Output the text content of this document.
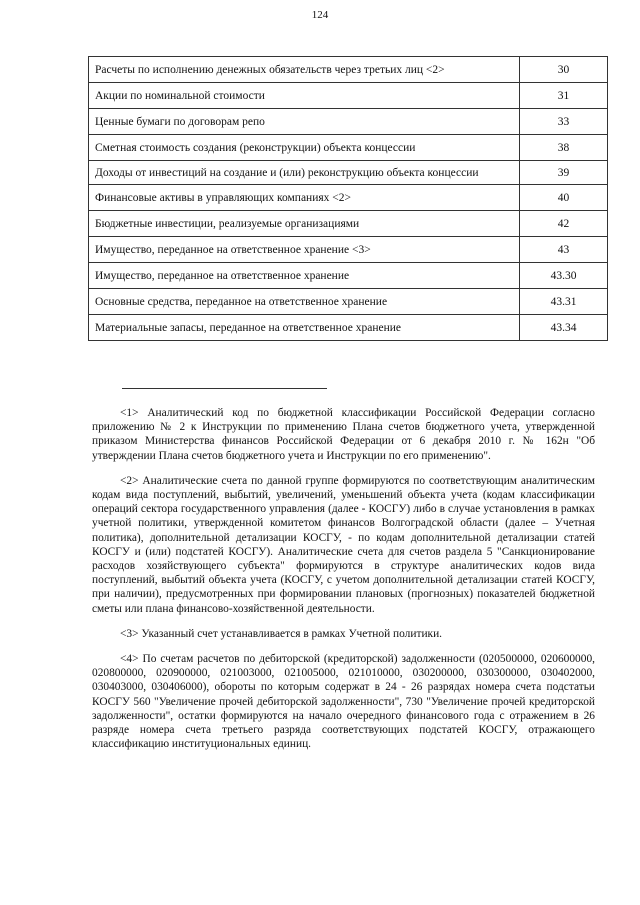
124
Расчеты по исполнению денежных обязательств через третьих лиц <2>	30
Акции по номинальной стоимости	31
Ценные бумаги по договорам репо	33
Сметная стоимость создания (реконструкции) объекта концессии	38
Доходы от инвестиций на создание и (или) реконструкцию объекта концессии	39
Финансовые активы в управляющих компаниях <2>	40
Бюджетные инвестиции, реализуемые организациями	42
Имущество, переданное на ответственное хранение <3>	43
Имущество, переданное на ответственное хранение	43.30
Основные средства, переданное на ответственное хранение	43.31
Материальные запасы, переданное на ответственное хранение	43.34

<1> Аналитический код по бюджетной классификации Российской Федерации согласно приложению № 2 к Инструкции по применению Плана счетов бюджетного учета, утвержденной приказом Министерства финансов Российской Федерации от 6 декабря 2010 г. № 162н "Об утверждении Плана счетов бюджетного учета и Инструкции по его применению".

<2> Аналитические счета по данной группе формируются по соответствующим аналитическим кодам вида поступлений, выбытий, увеличений, уменьшений объекта учета (кодам классификации операций сектора государственного управления (далее - КОСГУ) либо в случае установления в рамках учетной политики, утвержденной комитетом финансов Волгоградской области (далее – Учетная политика), дополнительной детализации КОСГУ, - по кодам дополнительной детализации статей КОСГУ и (или) подстатей КОСГУ). Аналитические счета для счетов раздела 5 "Санкционирование расходов хозяйствующего субъекта" формируются в структуре аналитических кодов вида поступлений, выбытий объекта учета (КОСГУ, с учетом дополнительной детализации статей КОСГУ, при наличии), предусмотренных при формировании плановых (прогнозных) показателей бюджетной сметы или плана финансово-хозяйственной деятельности.

<3> Указанный счет устанавливается в рамках Учетной политики.

<4> По счетам расчетов по дебиторской (кредиторской) задолженности (020500000, 020600000, 020800000, 020900000, 021003000, 021005000, 021010000, 030200000, 030300000, 030402000, 030403000, 030406000), обороты по которым содержат в 24 - 26 разрядах номера счета подстатьи КОСГУ 560 "Увеличение прочей дебиторской задолженности", 730 "Увеличение прочей кредиторской задолженности", остатки формируются на начало очередного финансового года с отражением в 26 разряде номера счета третьего разряда соответствующих подстатей КОСГУ, отражающего классификацию институциональных единиц.
